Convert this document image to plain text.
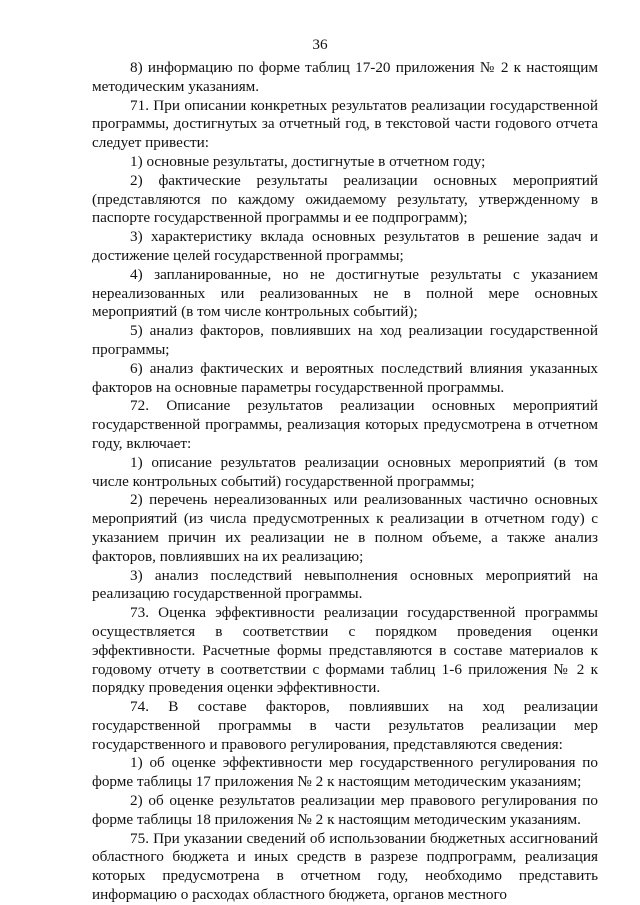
36

8) информацию по форме таблиц 17-20 приложения № 2 к настоящим методическим указаниям.

71. При описании конкретных результатов реализации государственной программы, достигнутых за отчетный год, в текстовой части годового отчета следует привести:

1) основные результаты, достигнутые в отчетном году;

2) фактические результаты реализации основных мероприятий (представляются по каждому ожидаемому результату, утвержденному в паспорте государственной программы и ее подпрограмм);

3) характеристику вклада основных результатов в решение задач и достижение целей государственной программы;

4) запланированные, но не достигнутые результаты с указанием нереализованных или реализованных не в полной мере основных мероприятий (в том числе контрольных событий);

5) анализ факторов, повлиявших на ход реализации государственной программы;

6) анализ фактических и вероятных последствий влияния указанных факторов на основные параметры государственной программы.

72. Описание результатов реализации основных мероприятий государственной программы, реализация которых предусмотрена в отчетном году, включает:

1) описание результатов реализации основных мероприятий (в том числе контрольных событий) государственной программы;

2) перечень нереализованных или реализованных частично основных мероприятий (из числа предусмотренных к реализации в отчетном году) с указанием причин их реализации не в полном объеме, а также анализ факторов, повлиявших на их реализацию;

3) анализ последствий невыполнения основных мероприятий на реализацию государственной программы.

73. Оценка эффективности реализации государственной программы осуществляется в соответствии с порядком проведения оценки эффективности. Расчетные формы представляются в составе материалов к годовому отчету в соответствии с формами таблиц 1-6 приложения № 2 к порядку проведения оценки эффективности.

74. В составе факторов, повлиявших на ход реализации государственной программы в части результатов реализации мер государственного и правового регулирования, представляются сведения:

1) об оценке эффективности мер государственного регулирования по форме таблицы 17 приложения № 2 к настоящим методическим указаниям;

2) об оценке результатов реализации мер правового регулирования по форме таблицы 18 приложения № 2 к настоящим методическим указаниям.

75. При указании сведений об использовании бюджетных ассигнований областного бюджета и иных средств в разрезе подпрограмм, реализация которых предусмотрена в отчетном году, необходимо представить информацию о расходах областного бюджета, органов местного
